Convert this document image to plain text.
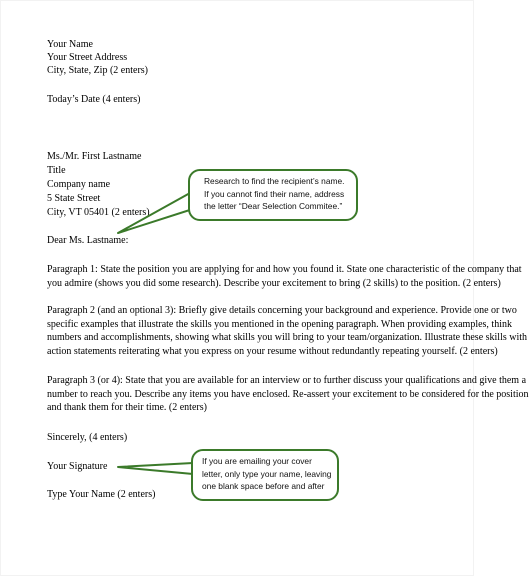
Your Name
Your Street Address
City, State, Zip (2 enters)
Today’s Date (4 enters)
Ms./Mr. First Lastname
Title
Company name
5 State Street
City, VT 05401 (2 enters)
Dear Ms. Lastname:
Paragraph 1: State the position you are applying for and how you found it. State one characteristic of the company that
you admire (shows you did some research). Describe your excitement to bring (2 skills) to the position. (2 enters)
Paragraph 2 (and an optional 3): Briefly give details concerning your background and experience. Provide one or two
specific examples that illustrate the skills you mentioned in the opening paragraph. When providing examples, think
numbers and accomplishments, showing what skills you will bring to your team/organization. Illustrate these skills with
action statements reiterating what you express on your resume without redundantly repeating yourself. (2 enters)
Paragraph 3 (or 4): State that you are available for an interview or to further discuss your qualifications and give them a
number to reach you. Describe any items you have enclosed. Re-assert your excitement to be considered for the position
and thank them for their time. (2 enters)
Sincerely, (4 enters)
Your Signature
Type Your Name (2 enters)
Research to find the recipient’s name.
If you cannot find their name, address
the letter “Dear Selection Commitee.”
If you are emailing your cover
letter, only type your name, leaving
one blank space before and after
